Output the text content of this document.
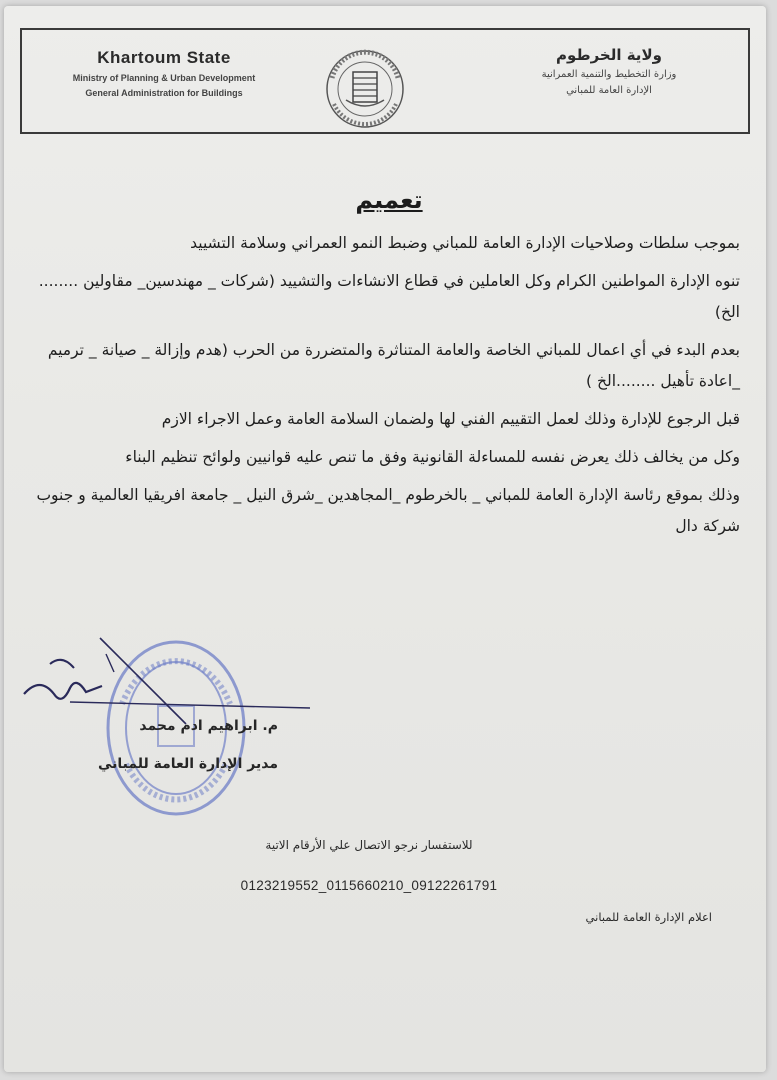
Khartoum State
Ministry of Planning & Urban Development
General Administration for Buildings
ولاية الخرطوم
وزارة التخطيط والتنمية العمرانية
الإدارة العامة للمباني
تعميم

بموجب سلطات وصلاحيات الإدارة العامة للمباني وضبط النمو العمراني وسلامة التشييد

تنوه الإدارة المواطنين الكرام وكل العاملين في قطاع الانشاءات والتشييد (شركات _ مهندسين_ مقاولين ........ الخ)

بعدم البدء في أي اعمال للمباني الخاصة والعامة المتناثرة والمتضررة من الحرب (هدم وإزالة _ صيانة _ ترميم _اعادة تأهيل ........الخ )

قبل الرجوع للإدارة وذلك لعمل التقييم الفني لها ولضمان السلامة العامة وعمل الاجراء الازم

وكل من يخالف ذلك يعرض نفسه للمساءلة القانونية وفق ما تنص عليه قوانيين ولوائح تنظيم البناء

وذلك بموقع رئاسة الإدارة العامة للمباني _ بالخرطوم _المجاهدين _شرق النيل _ جامعة افريقيا العالمية و جنوب شركة دال

م. ابراهيم ادم محمد
مدير الإدارة العامة للمباني
للاستفسار نرجو الاتصال علي الأرقام الاتية
0123219552_0115660210_09122261791
اعلام الإدارة العامة للمباني
